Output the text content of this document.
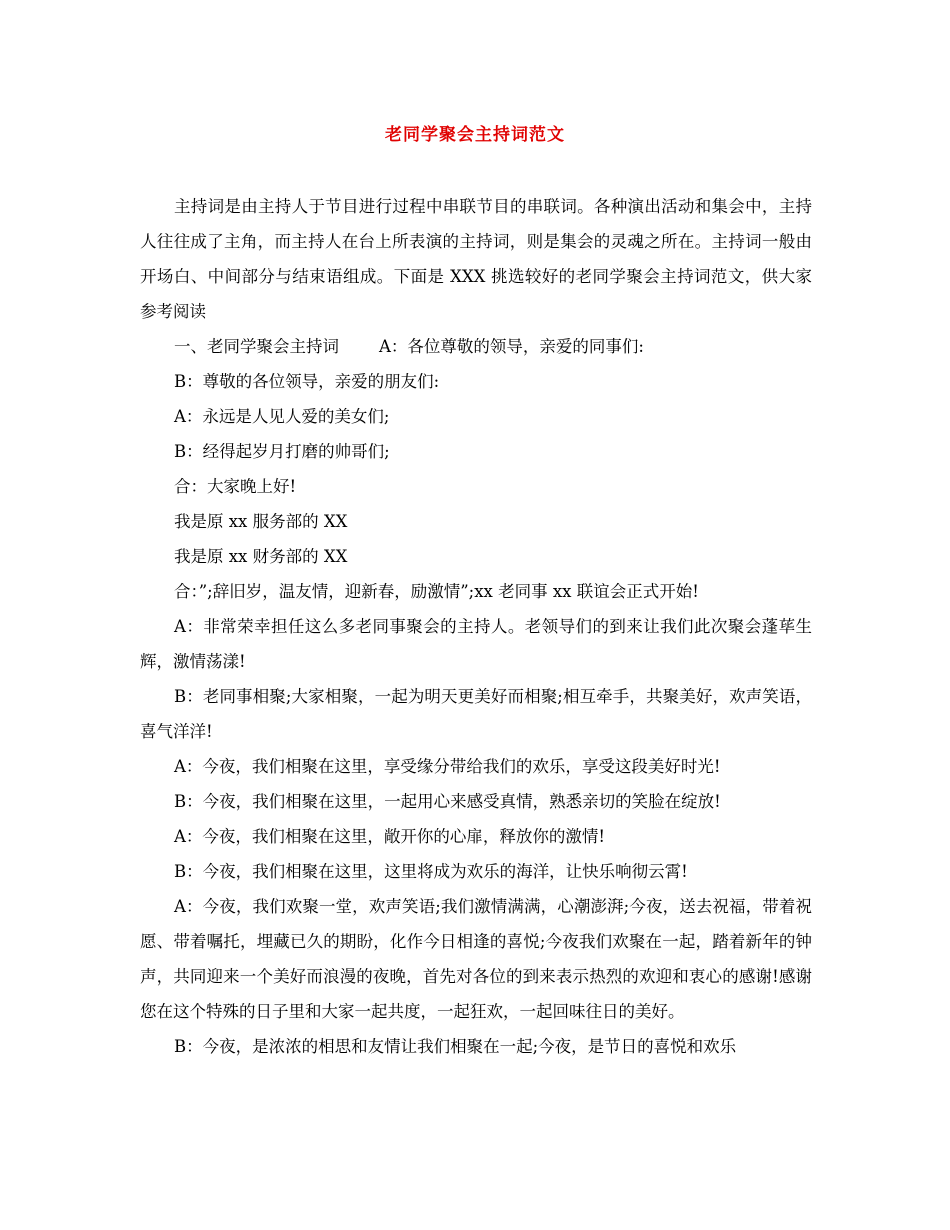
老同学聚会主持词范文

主持词是由主持人于节目进行过程中串联节目的串联词。各种演出活动和集会中，主持人往往成了主角，而主持人在台上所表演的主持词，则是集会的灵魂之所在。主持词一般由开场白、中间部分与结束语组成。下面是 XXX 挑选较好的老同学聚会主持词范文，供大家参考阅读

一、老同学聚会主持词 A：各位尊敬的领导，亲爱的同事们:

B：尊敬的各位领导，亲爱的朋友们:

A：永远是人见人爱的美女们;

B：经得起岁月打磨的帅哥们;

合：大家晚上好!

我是原 xx 服务部的 XX

我是原 xx 财务部的 XX

合：”;辞旧岁，温友情，迎新春，励激情”;xx 老同事 xx 联谊会正式开始!

A：非常荣幸担任这么多老同事聚会的主持人。老领导们的到来让我们此次聚会蓬荜生辉，激情荡漾!

B：老同事相聚;大家相聚，一起为明天更美好而相聚;相互牵手，共聚美好，欢声笑语，喜气洋洋!

A：今夜，我们相聚在这里，享受缘分带给我们的欢乐，享受这段美好时光!

B：今夜，我们相聚在这里，一起用心来感受真情，熟悉亲切的笑脸在绽放!

A：今夜，我们相聚在这里，敞开你的心扉，释放你的激情!

B：今夜，我们相聚在这里，这里将成为欢乐的海洋，让快乐响彻云霄!

A：今夜，我们欢聚一堂，欢声笑语;我们激情满满，心潮澎湃;今夜，送去祝福，带着祝愿、带着嘱托，埋藏已久的期盼，化作今日相逢的喜悦;今夜我们欢聚在一起，踏着新年的钟声，共同迎来一个美好而浪漫的夜晚，首先对各位的到来表示热烈的欢迎和衷心的感谢!感谢您在这个特殊的日子里和大家一起共度，一起狂欢，一起回味往日的美好。

B：今夜，是浓浓的相思和友情让我们相聚在一起;今夜，是节日的喜悦和欢乐
